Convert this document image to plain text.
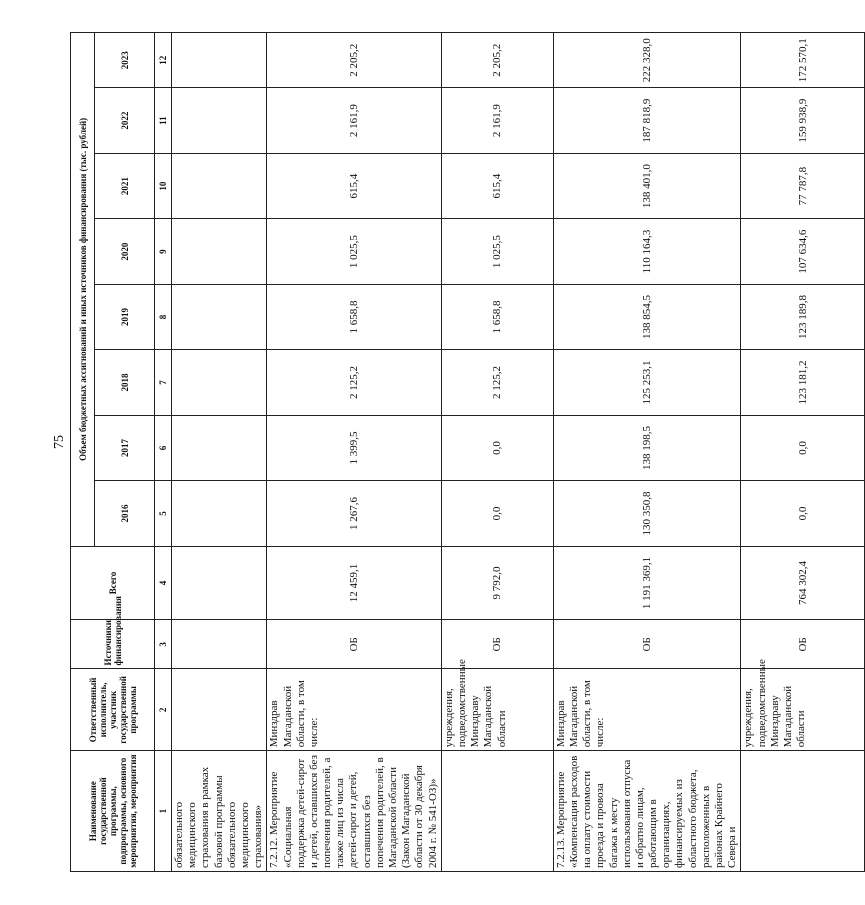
75
Наименование государственной программы, подпрограммы, основного мероприятия, мероприятия	Ответственный исполнитель, участник государственной программы	Источники финансирования	Всего	Объем бюджетных ассигнований и иных источников финансирования (тыс. рублей)							
				2016	2017	2018	2019	2020	2021	2022	2023
1	2	3	4	5	6	7	8	9	10	11	12
обязательного медицинского страхования в рамках базовой программы обязательного медицинского страхования»											
7.2.12. Мероприятие «Социальная поддержка детей-сирот и детей, оставшихся без попечения родителей, а также лиц из числа детей-сирот и детей, оставшихся без попечения родителей, в Магаданской области (Закон Магаданской области от 30 декабря 2004 г. № 541-ОЗ)»	Минздрав Магаданской области, в том числе:	ОБ	12 459,1	1 267,6	1 399,5	2 125,2	1 658,8	1 025,5	615,4	2 161,9	2 205,2
	учреждения, подведомственные Минздраву Магаданской области	ОБ	9 792,0	0,0	0,0	2 125,2	1 658,8	1 025,5	615,4	2 161,9	2 205,2
7.2.13. Мероприятие «Компенсация расходов на оплату стоимости проезда и провоза багажа к месту использования отпуска и обратно лицам, работающим в организациях, финансируемых из областного бюджета, расположенных в районах Крайнего Севера и	Минздрав Магаданской области, в том числе:	ОБ	1 191 369,1	130 350,8	138 198,5	125 253,1	138 854,5	110 164,3	138 401,0	187 818,9	222 328,0
	учреждения, подведомственные Минздраву Магаданской области	ОБ	764 302,4	0,0	0,0	123 181,2	123 189,8	107 634,6	77 787,8	159 938,9	172 570,1
